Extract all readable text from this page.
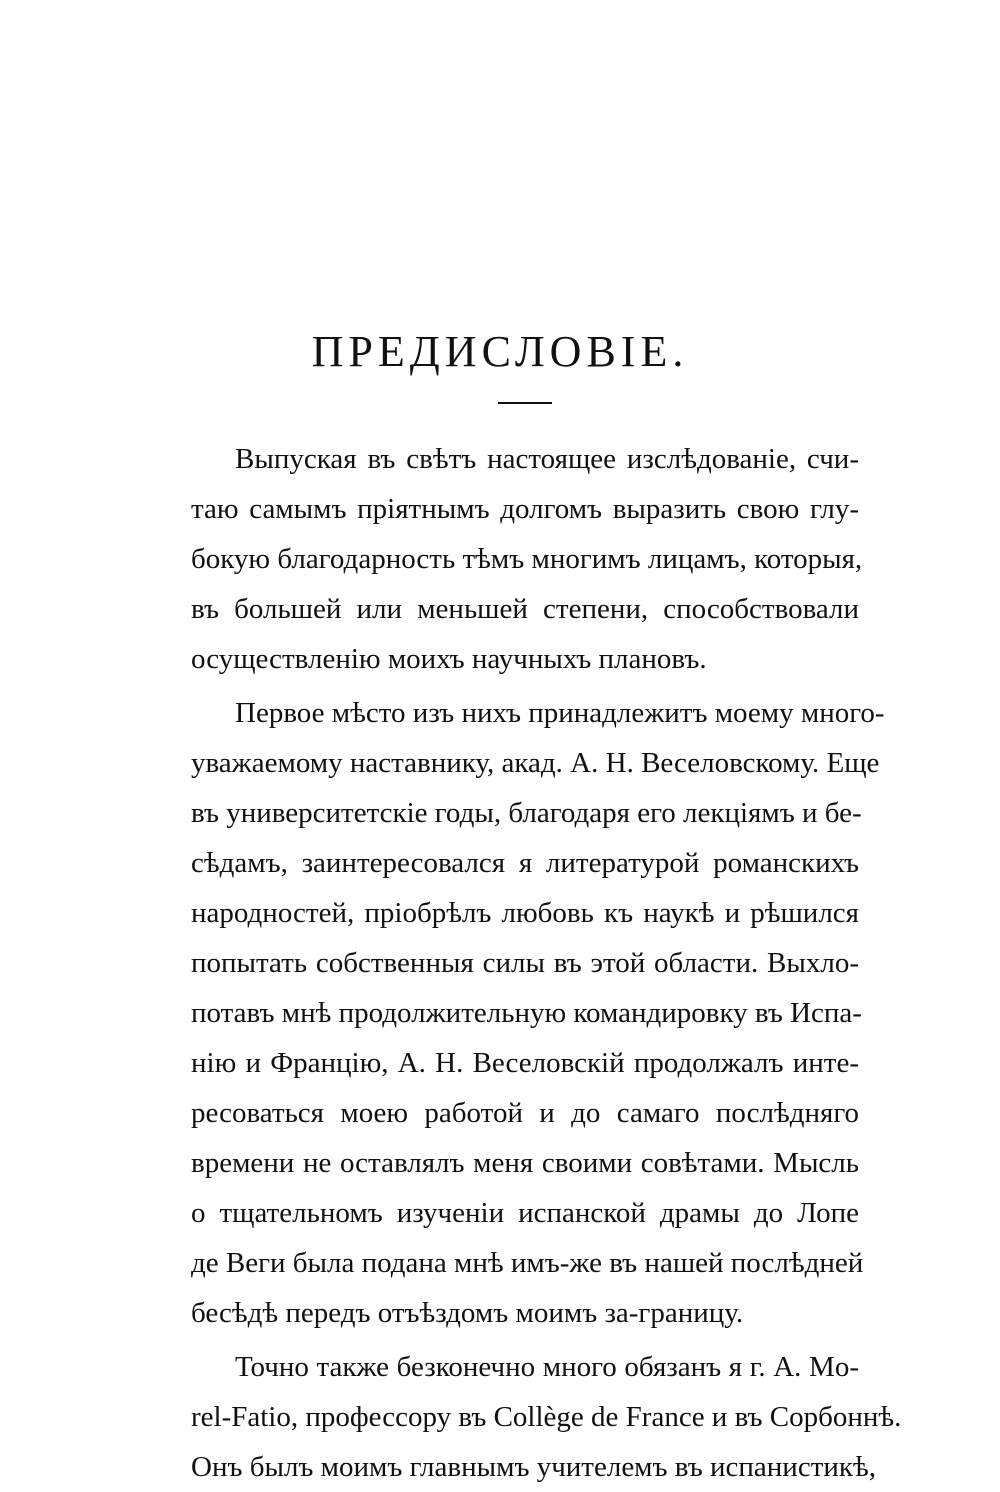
ПРЕДИСЛОВІЕ.
Выпуская въ свѣтъ настоящее изслѣдованіе, счи-
таю самымъ пріятнымъ долгомъ выразить свою глу-
бокую благодарность тѣмъ многимъ лицамъ, которыя,
въ большей или меньшей степени, способствовали
осуществленію моихъ научныхъ плановъ.
Первое мѣсто изъ нихъ принадлежитъ моему много-
уважаемому наставнику, акад. А. Н. Веселовскому. Еще
въ университетскіе годы, благодаря его лекціямъ и бе-
сѣдамъ, заинтересовался я литературой романскихъ
народностей, пріобрѣлъ любовь къ наукѣ и рѣшился
попытать собственныя силы въ этой области. Выхло-
потавъ мнѣ продолжительную командировку въ Испа-
нію и Францію, А. Н. Веселовскій продолжалъ инте-
ресоваться моею работой и до самаго послѣдняго
времени не оставлялъ меня своими совѣтами. Мысль
о тщательномъ изученіи испанской драмы до Лопе
де Веги была подана мнѣ имъ-же въ нашей послѣдней
бесѣдѣ передъ отъѣздомъ моимъ за-границу.
Точно также безконечно много обязанъ я г. А. Mo-
rel-Fatio, профессору въ Collège de France и въ Сорбоннѣ.
Онъ былъ моимъ главнымъ учителемъ въ испанистикѣ,
